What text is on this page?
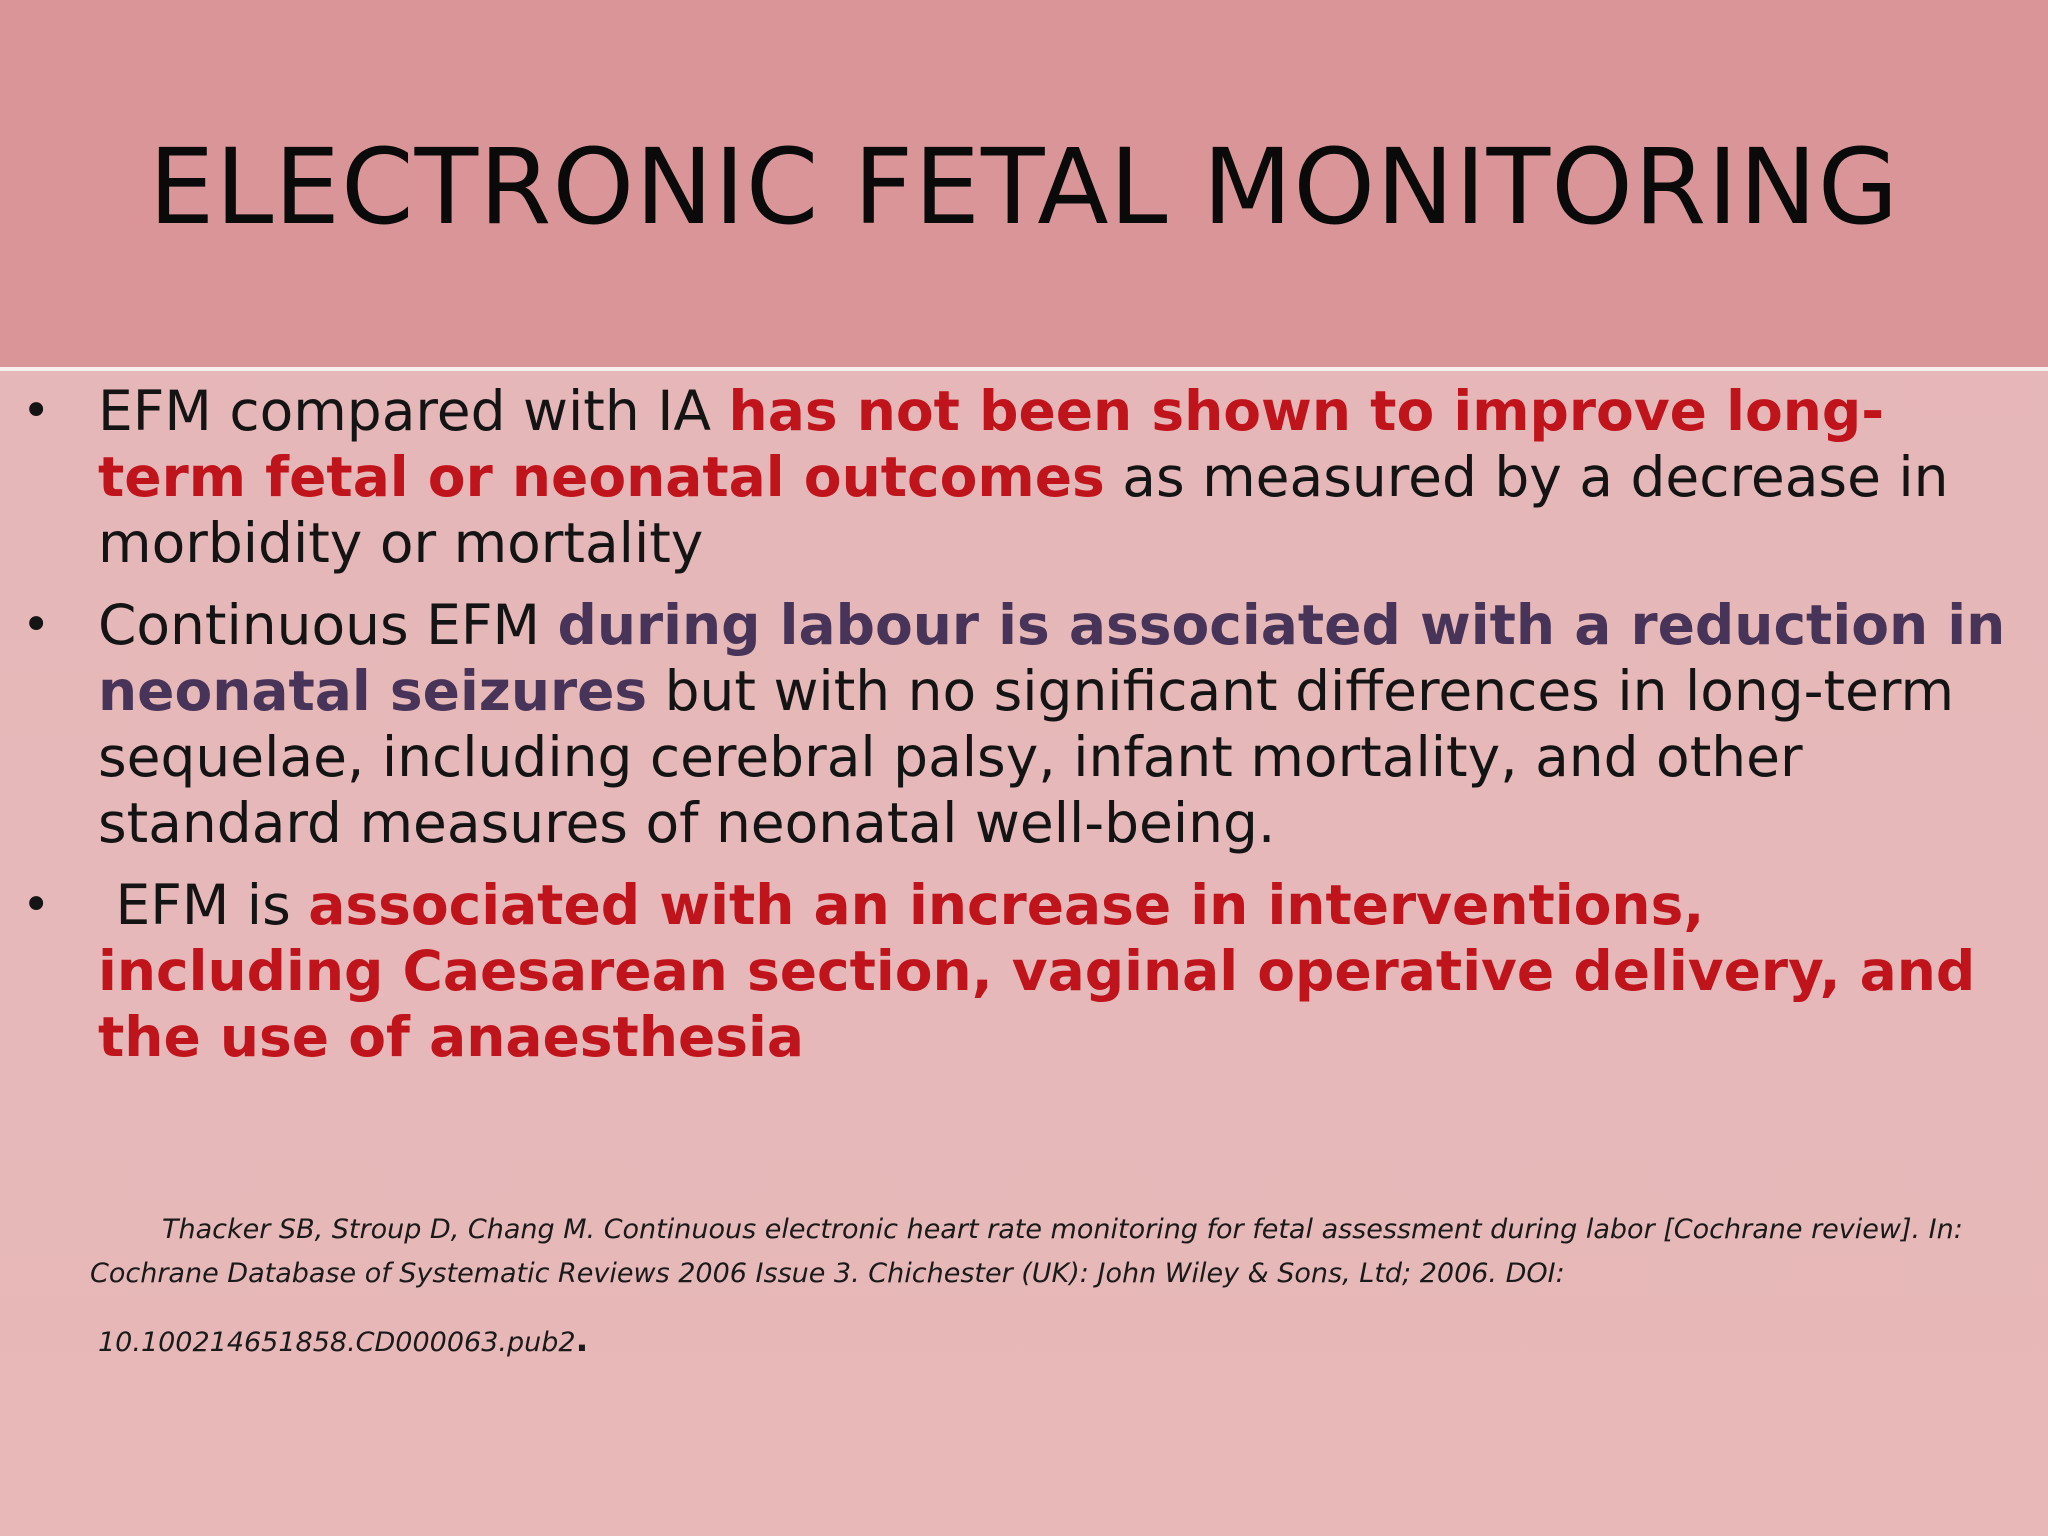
ELECTRONIC FETAL MONITORING
• EFM compared with IA has not been shown to improve long-term fetal or neonatal outcomes as measured by a decrease in morbidity or mortality
• Continuous EFM during labour is associated with a reduction in neonatal seizures but with no significant differences in long-term sequelae, including cerebral palsy, infant mortality, and other standard measures of neonatal well-being.
• EFM is associated with an increase in interventions, including Caesarean section, vaginal operative delivery, and the use of anaesthesia
Thacker SB, Stroup D, Chang M. Continuous electronic heart rate monitoring for fetal assessment during labor [Cochrane review]. In: Cochrane Database of Systematic Reviews 2006 Issue 3. Chichester (UK): John Wiley & Sons, Ltd; 2006. DOI:
10.100214651858.CD000063.pub2.
